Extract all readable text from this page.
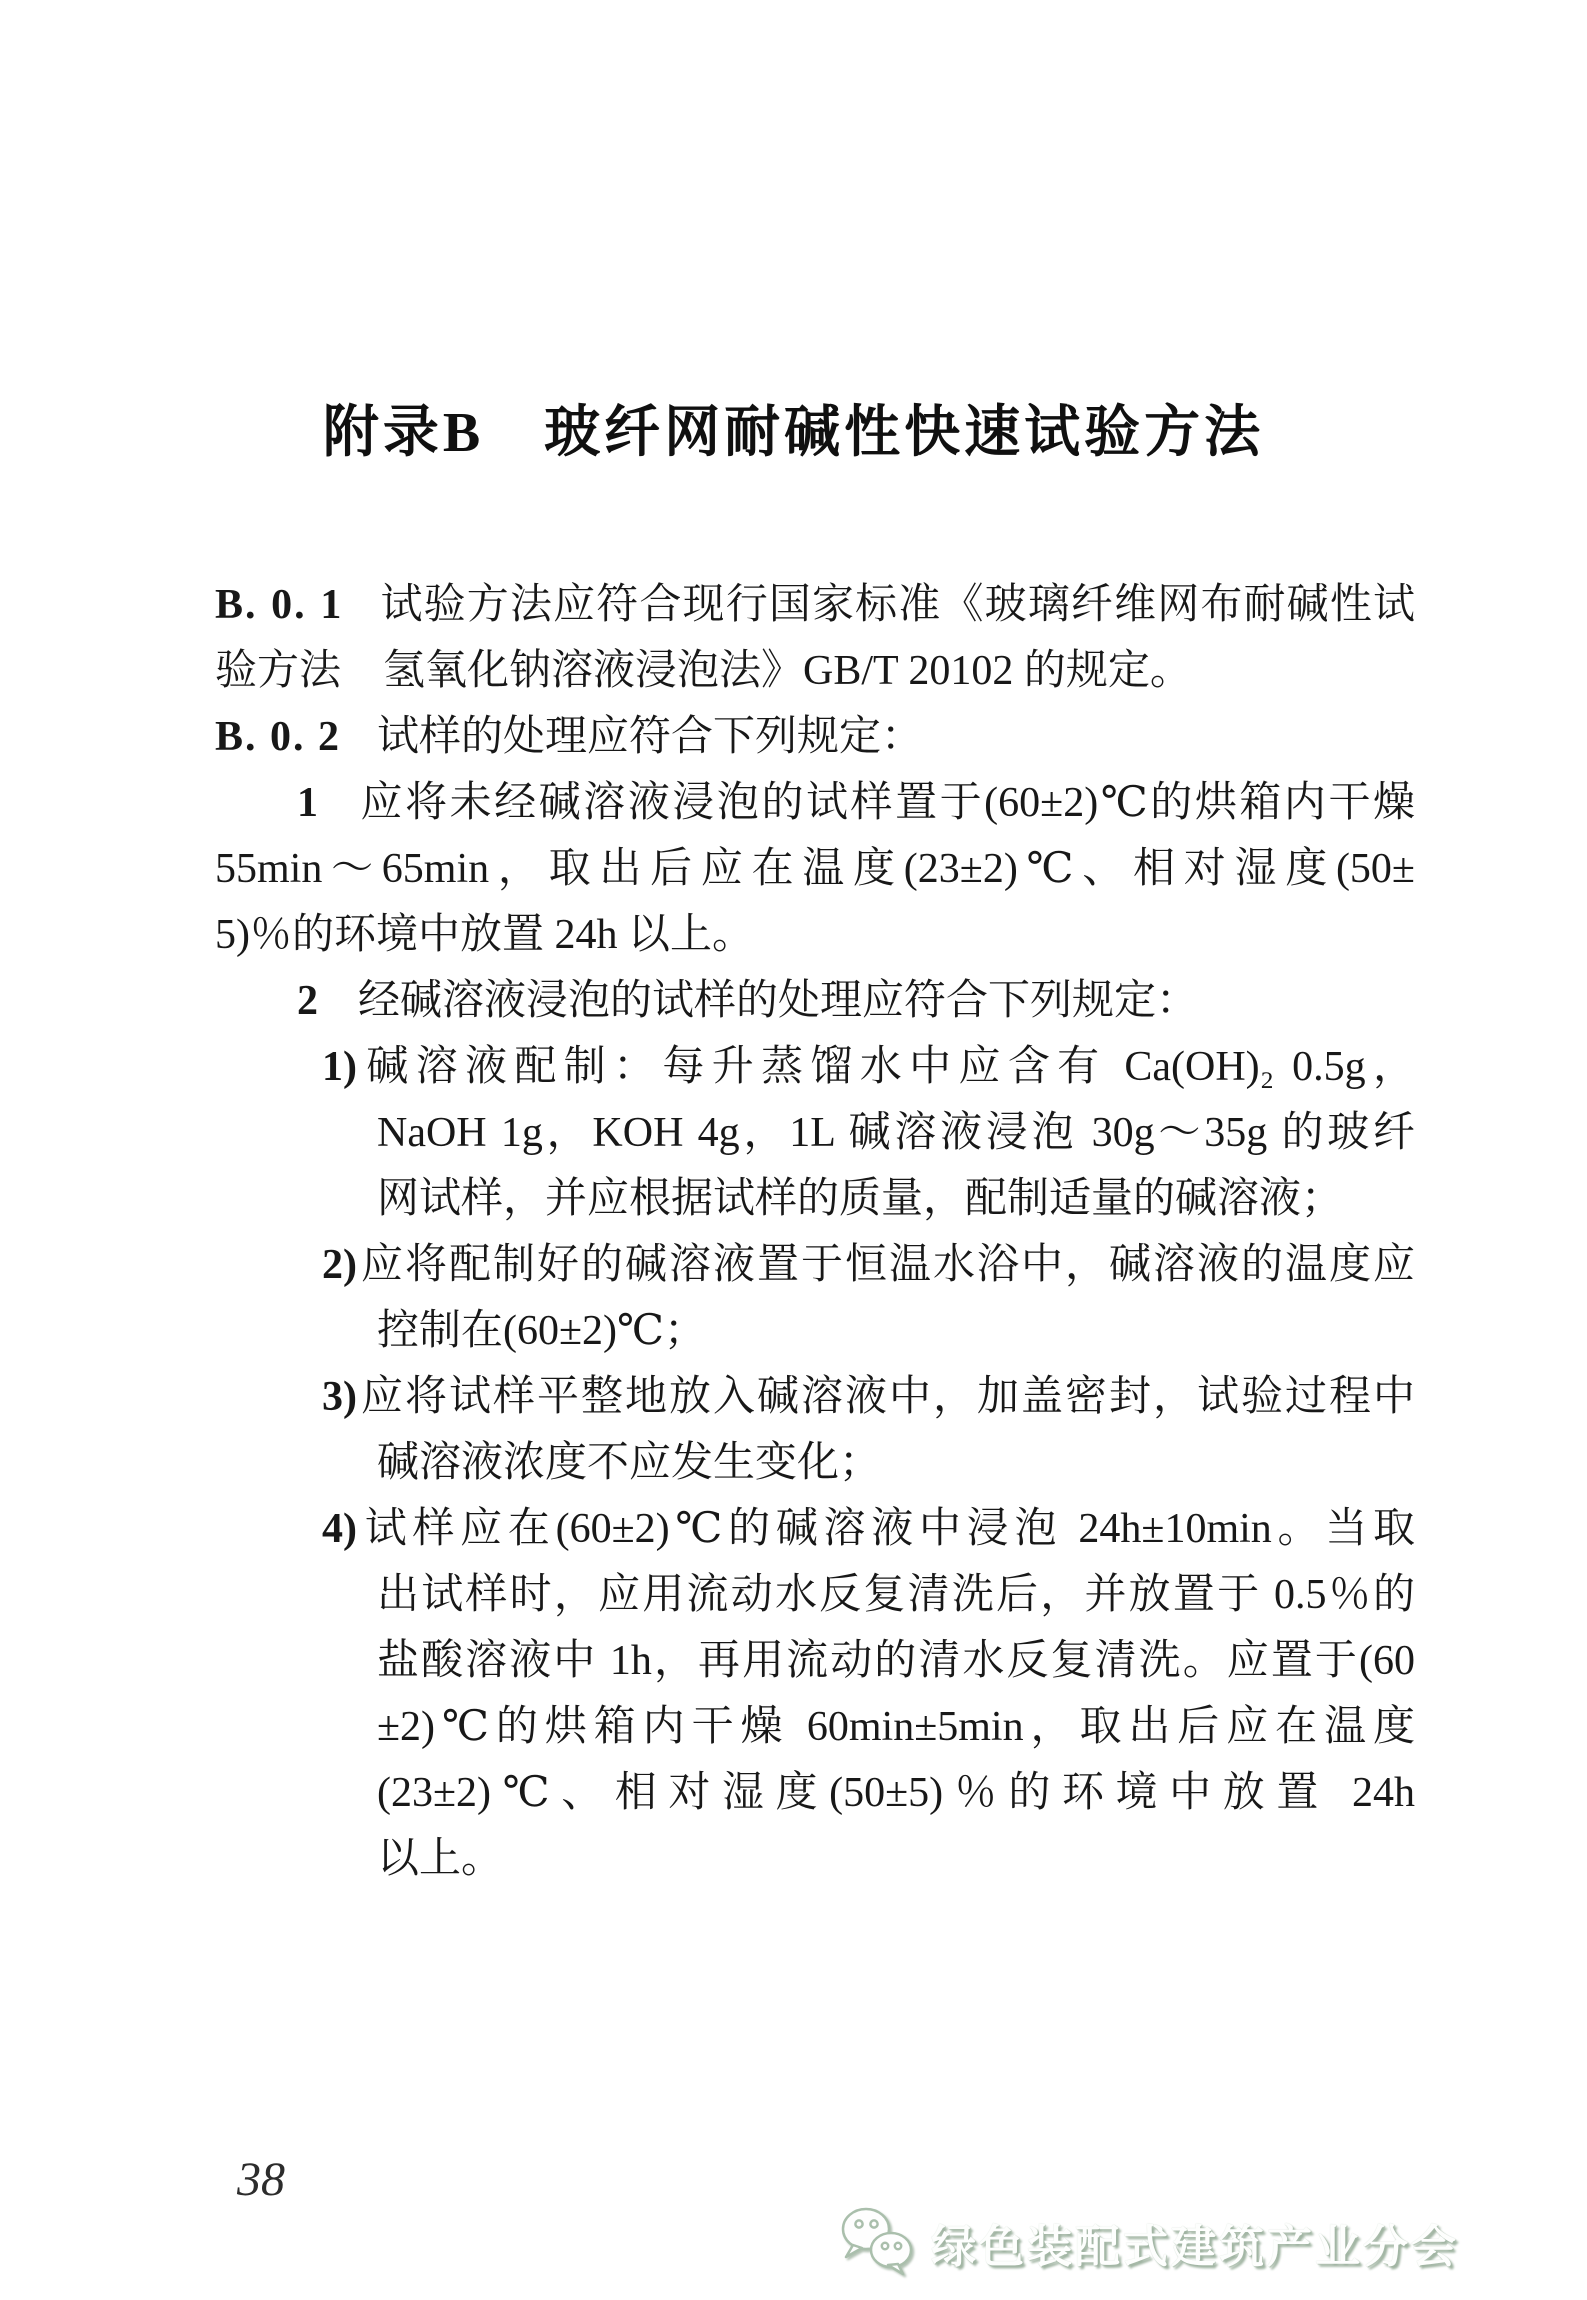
附录B　玻纤网耐碱性快速试验方法
B. 0. 1 试验方法应符合现行国家标准《玻璃纤维网布耐碱性试
验方法　氢氧化钠溶液浸泡法》GB/T 20102 的规定。
B. 0. 2 试样的处理应符合下列规定：
1 应将未经碱溶液浸泡的试样置于(60±2)℃的烘箱内干燥
55min～65min，取出后应在温度(23±2)℃、相对湿度(50±
5)％的环境中放置 24h 以上。
2 经碱溶液浸泡的试样的处理应符合下列规定：
1)碱溶液配制：每升蒸馏水中应含有 Ca(OH)₂ 0.5g，
NaOH 1g，KOH 4g，1L 碱溶液浸泡 30g～35g 的玻纤
网试样，并应根据试样的质量，配制适量的碱溶液；
2)应将配制好的碱溶液置于恒温水浴中，碱溶液的温度应
控制在(60±2)℃；
3)应将试样平整地放入碱溶液中，加盖密封，试验过程中
碱溶液浓度不应发生变化；
4)试样应在(60±2)℃的碱溶液中浸泡 24h±10min。当取
出试样时，应用流动水反复清洗后，并放置于 0.5％的
盐酸溶液中 1h，再用流动的清水反复清洗。应置于(60
±2)℃的烘箱内干燥 60min±5min，取出后应在温度
(23±2)℃、相对湿度(50±5)％的环境中放置 24h
以上。
38
绿色装配式建筑产业分会
